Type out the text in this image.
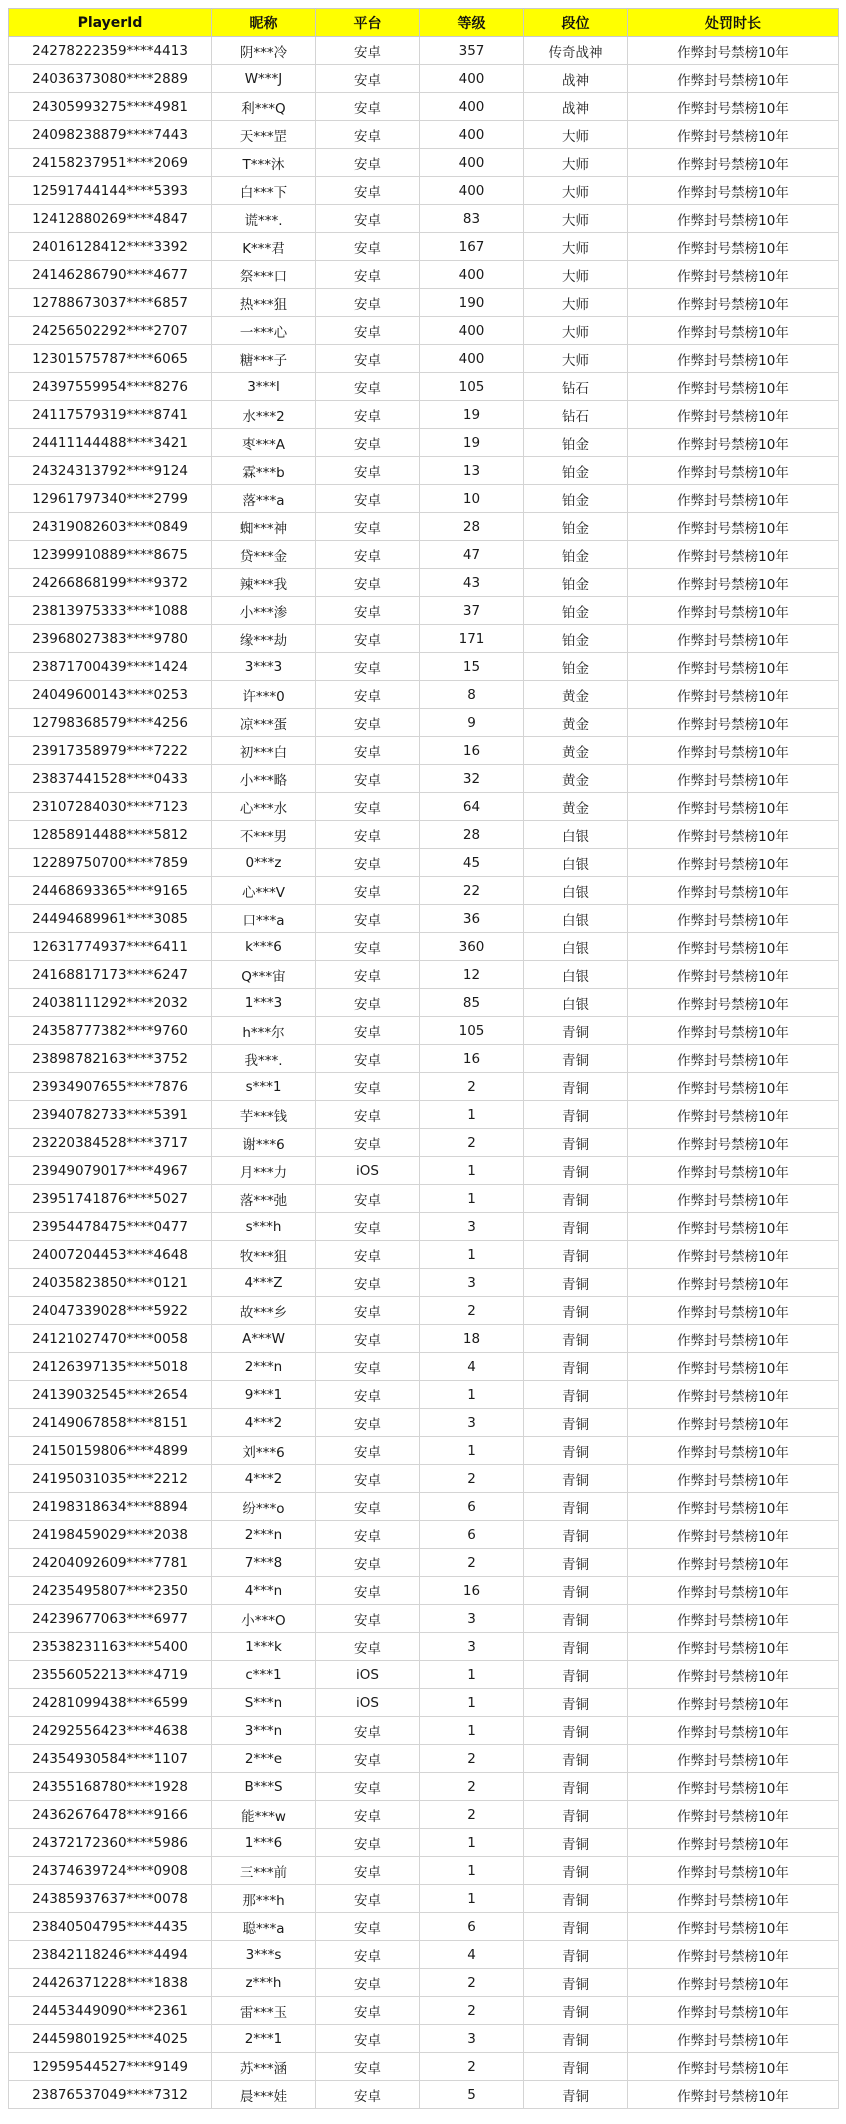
PlayerId	昵称	平台	等级	段位	处罚时长
24278222359****4413	阴***冷	安卓	357	传奇战神	作弊封号禁榜10年
24036373080****2889	W***J	安卓	400	战神	作弊封号禁榜10年
24305993275****4981	利***Q	安卓	400	战神	作弊封号禁榜10年
24098238879****7443	天***罡	安卓	400	大师	作弊封号禁榜10年
24158237951****2069	T***沐	安卓	400	大师	作弊封号禁榜10年
12591744144****5393	白***下	安卓	400	大师	作弊封号禁榜10年
12412880269****4847	谎***.	安卓	83	大师	作弊封号禁榜10年
24016128412****3392	K***君	安卓	167	大师	作弊封号禁榜10年
24146286790****4677	祭***口	安卓	400	大师	作弊封号禁榜10年
12788673037****6857	热***狙	安卓	190	大师	作弊封号禁榜10年
24256502292****2707	一***心	安卓	400	大师	作弊封号禁榜10年
12301575787****6065	糖***子	安卓	400	大师	作弊封号禁榜10年
24397559954****8276	3***l	安卓	105	钻石	作弊封号禁榜10年
24117579319****8741	水***2	安卓	19	钻石	作弊封号禁榜10年
24411144488****3421	枣***A	安卓	19	铂金	作弊封号禁榜10年
24324313792****9124	霖***b	安卓	13	铂金	作弊封号禁榜10年
12961797340****2799	落***a	安卓	10	铂金	作弊封号禁榜10年
24319082603****0849	蜘***神	安卓	28	铂金	作弊封号禁榜10年
12399910889****8675	贷***金	安卓	47	铂金	作弊封号禁榜10年
24266868199****9372	辣***我	安卓	43	铂金	作弊封号禁榜10年
23813975333****1088	小***渗	安卓	37	铂金	作弊封号禁榜10年
23968027383****9780	缘***劫	安卓	171	铂金	作弊封号禁榜10年
23871700439****1424	3***3	安卓	15	铂金	作弊封号禁榜10年
24049600143****0253	许***0	安卓	8	黄金	作弊封号禁榜10年
12798368579****4256	凉***蛋	安卓	9	黄金	作弊封号禁榜10年
23917358979****7222	初***白	安卓	16	黄金	作弊封号禁榜10年
23837441528****0433	小***略	安卓	32	黄金	作弊封号禁榜10年
23107284030****7123	心***水	安卓	64	黄金	作弊封号禁榜10年
12858914488****5812	不***男	安卓	28	白银	作弊封号禁榜10年
12289750700****7859	0***z	安卓	45	白银	作弊封号禁榜10年
24468693365****9165	心***V	安卓	22	白银	作弊封号禁榜10年
24494689961****3085	口***a	安卓	36	白银	作弊封号禁榜10年
12631774937****6411	k***6	安卓	360	白银	作弊封号禁榜10年
24168817173****6247	Q***宙	安卓	12	白银	作弊封号禁榜10年
24038111292****2032	1***3	安卓	85	白银	作弊封号禁榜10年
24358777382****9760	h***尔	安卓	105	青铜	作弊封号禁榜10年
23898782163****3752	我***.	安卓	16	青铜	作弊封号禁榜10年
23934907655****7876	s***1	安卓	2	青铜	作弊封号禁榜10年
23940782733****5391	芋***钱	安卓	1	青铜	作弊封号禁榜10年
23220384528****3717	谢***6	安卓	2	青铜	作弊封号禁榜10年
23949079017****4967	月***力	iOS	1	青铜	作弊封号禁榜10年
23951741876****5027	落***弛	安卓	1	青铜	作弊封号禁榜10年
23954478475****0477	s***h	安卓	3	青铜	作弊封号禁榜10年
24007204453****4648	牧***狙	安卓	1	青铜	作弊封号禁榜10年
24035823850****0121	4***Z	安卓	3	青铜	作弊封号禁榜10年
24047339028****5922	故***乡	安卓	2	青铜	作弊封号禁榜10年
24121027470****0058	A***W	安卓	18	青铜	作弊封号禁榜10年
24126397135****5018	2***n	安卓	4	青铜	作弊封号禁榜10年
24139032545****2654	9***1	安卓	1	青铜	作弊封号禁榜10年
24149067858****8151	4***2	安卓	3	青铜	作弊封号禁榜10年
24150159806****4899	刘***6	安卓	1	青铜	作弊封号禁榜10年
24195031035****2212	4***2	安卓	2	青铜	作弊封号禁榜10年
24198318634****8894	纷***o	安卓	6	青铜	作弊封号禁榜10年
24198459029****2038	2***n	安卓	6	青铜	作弊封号禁榜10年
24204092609****7781	7***8	安卓	2	青铜	作弊封号禁榜10年
24235495807****2350	4***n	安卓	16	青铜	作弊封号禁榜10年
24239677063****6977	小***O	安卓	3	青铜	作弊封号禁榜10年
23538231163****5400	1***k	安卓	3	青铜	作弊封号禁榜10年
23556052213****4719	c***1	iOS	1	青铜	作弊封号禁榜10年
24281099438****6599	S***n	iOS	1	青铜	作弊封号禁榜10年
24292556423****4638	3***n	安卓	1	青铜	作弊封号禁榜10年
24354930584****1107	2***e	安卓	2	青铜	作弊封号禁榜10年
24355168780****1928	B***S	安卓	2	青铜	作弊封号禁榜10年
24362676478****9166	能***w	安卓	2	青铜	作弊封号禁榜10年
24372172360****5986	1***6	安卓	1	青铜	作弊封号禁榜10年
24374639724****0908	三***前	安卓	1	青铜	作弊封号禁榜10年
24385937637****0078	那***h	安卓	1	青铜	作弊封号禁榜10年
23840504795****4435	聪***a	安卓	6	青铜	作弊封号禁榜10年
23842118246****4494	3***s	安卓	4	青铜	作弊封号禁榜10年
24426371228****1838	z***h	安卓	2	青铜	作弊封号禁榜10年
24453449090****2361	雷***玉	安卓	2	青铜	作弊封号禁榜10年
24459801925****4025	2***1	安卓	3	青铜	作弊封号禁榜10年
12959544527****9149	苏***涵	安卓	2	青铜	作弊封号禁榜10年
23876537049****7312	晨***娃	安卓	5	青铜	作弊封号禁榜10年
